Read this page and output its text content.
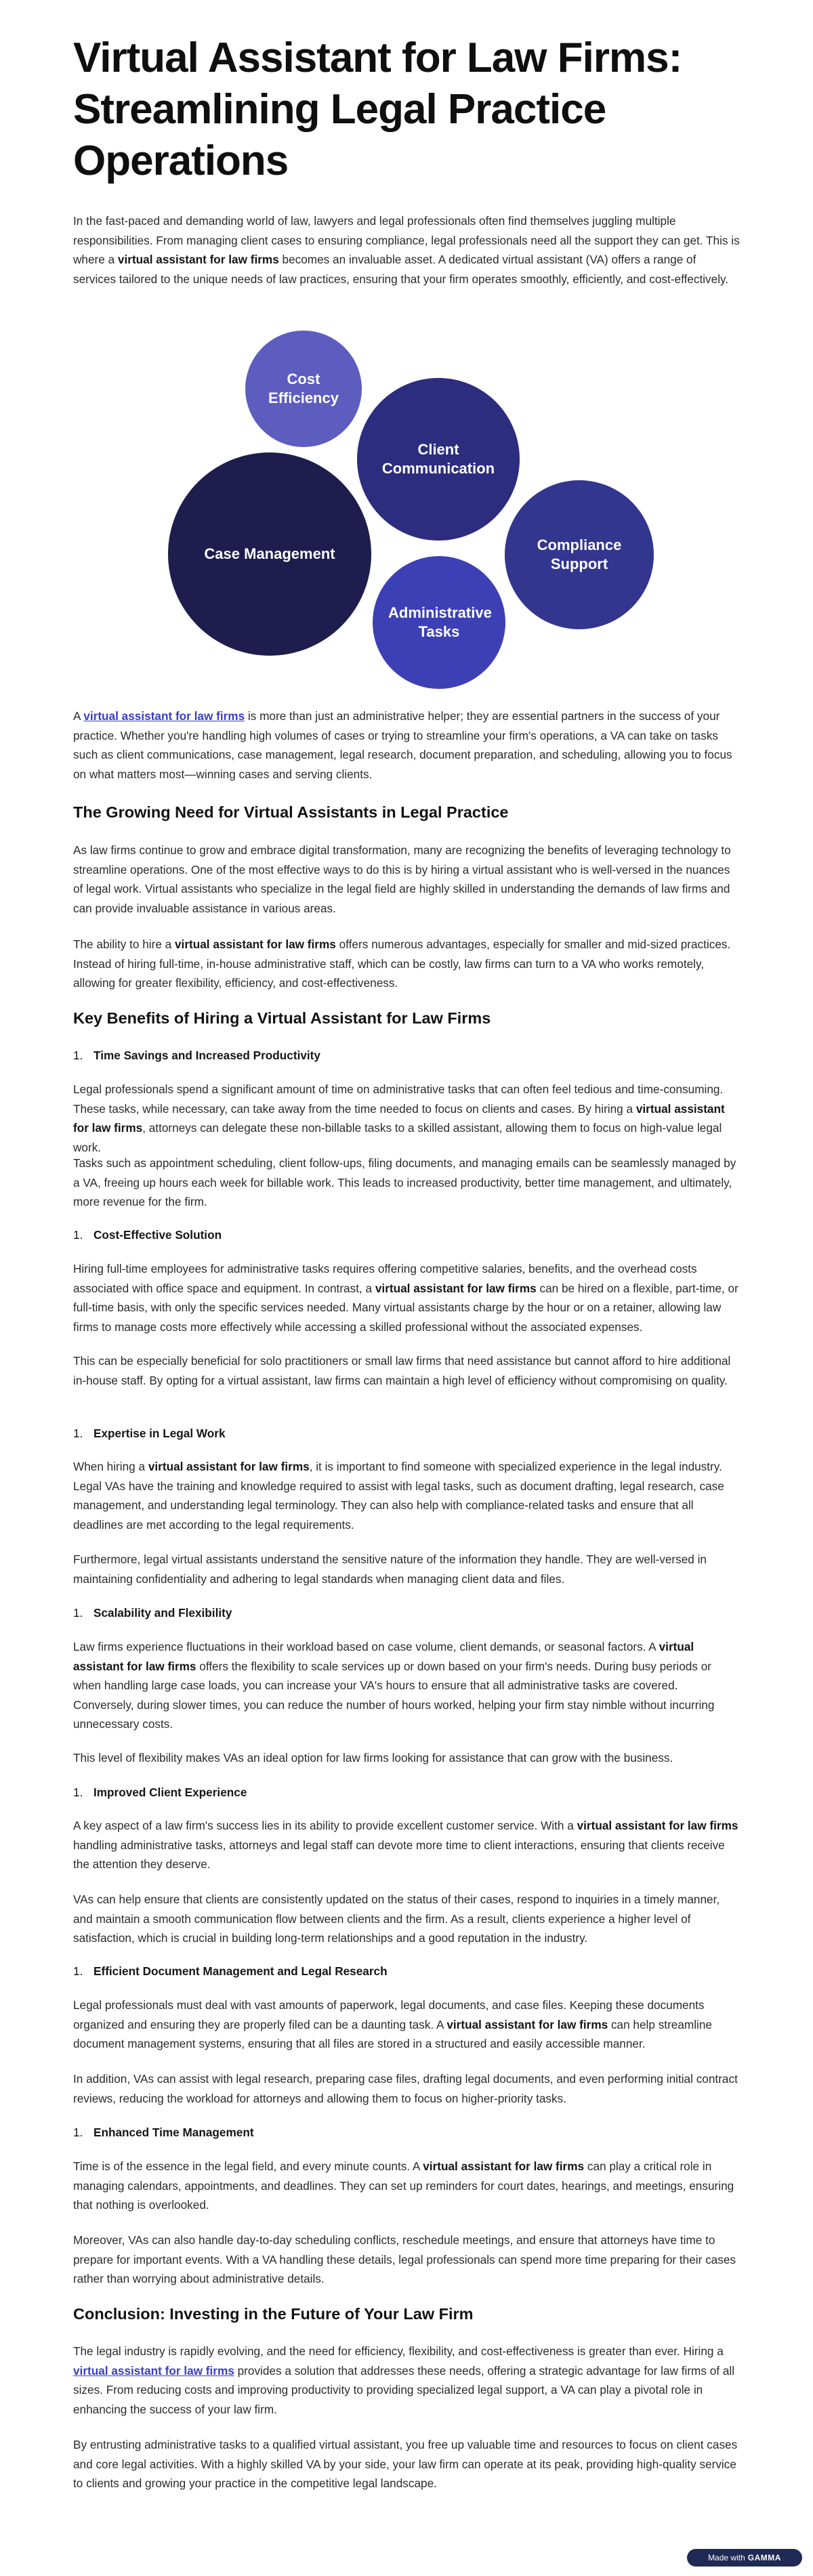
Virtual Assistant for Law Firms: Streamlining Legal Practice Operations

In the fast-paced and demanding world of law, lawyers and legal professionals often find themselves juggling multiple responsibilities. From managing client cases to ensuring compliance, legal professionals need all the support they can get. This is where a virtual assistant for law firms becomes an invaluable asset. A dedicated virtual assistant (VA) offers a range of services tailored to the unique needs of law practices, ensuring that your firm operates smoothly, efficiently, and cost-effectively.

Cost Efficiency
Client Communication
Case Management
Compliance Support
Administrative Tasks

A virtual assistant for law firms is more than just an administrative helper; they are essential partners in the success of your practice. Whether you're handling high volumes of cases or trying to streamline your firm's operations, a VA can take on tasks such as client communications, case management, legal research, document preparation, and scheduling, allowing you to focus on what matters most—winning cases and serving clients.

The Growing Need for Virtual Assistants in Legal Practice

As law firms continue to grow and embrace digital transformation, many are recognizing the benefits of leveraging technology to streamline operations. One of the most effective ways to do this is by hiring a virtual assistant who is well-versed in the nuances of legal work. Virtual assistants who specialize in the legal field are highly skilled in understanding the demands of law firms and can provide invaluable assistance in various areas.

The ability to hire a virtual assistant for law firms offers numerous advantages, especially for smaller and mid-sized practices. Instead of hiring full-time, in-house administrative staff, which can be costly, law firms can turn to a VA who works remotely, allowing for greater flexibility, efficiency, and cost-effectiveness.

Key Benefits of Hiring a Virtual Assistant for Law Firms
1. Time Savings and Increased Productivity

Legal professionals spend a significant amount of time on administrative tasks that can often feel tedious and time-consuming. These tasks, while necessary, can take away from the time needed to focus on clients and cases. By hiring a virtual assistant for law firms, attorneys can delegate these non-billable tasks to a skilled assistant, allowing them to focus on high-value legal work.

Tasks such as appointment scheduling, client follow-ups, filing documents, and managing emails can be seamlessly managed by a VA, freeing up hours each week for billable work. This leads to increased productivity, better time management, and ultimately, more revenue for the firm.

1. Cost-Effective Solution

Hiring full-time employees for administrative tasks requires offering competitive salaries, benefits, and the overhead costs associated with office space and equipment. In contrast, a virtual assistant for law firms can be hired on a flexible, part-time, or full-time basis, with only the specific services needed. Many virtual assistants charge by the hour or on a retainer, allowing law firms to manage costs more effectively while accessing a skilled professional without the associated expenses.

This can be especially beneficial for solo practitioners or small law firms that need assistance but cannot afford to hire additional in-house staff. By opting for a virtual assistant, law firms can maintain a high level of efficiency without compromising on quality.

1. Expertise in Legal Work

When hiring a virtual assistant for law firms, it is important to find someone with specialized experience in the legal industry. Legal VAs have the training and knowledge required to assist with legal tasks, such as document drafting, legal research, case management, and understanding legal terminology. They can also help with compliance-related tasks and ensure that all deadlines are met according to the legal requirements.

Furthermore, legal virtual assistants understand the sensitive nature of the information they handle. They are well-versed in maintaining confidentiality and adhering to legal standards when managing client data and files.

1. Scalability and Flexibility

Law firms experience fluctuations in their workload based on case volume, client demands, or seasonal factors. A virtual assistant for law firms offers the flexibility to scale services up or down based on your firm's needs. During busy periods or when handling large case loads, you can increase your VA's hours to ensure that all administrative tasks are covered. Conversely, during slower times, you can reduce the number of hours worked, helping your firm stay nimble without incurring unnecessary costs.

This level of flexibility makes VAs an ideal option for law firms looking for assistance that can grow with the business.

1. Improved Client Experience

A key aspect of a law firm's success lies in its ability to provide excellent customer service. With a virtual assistant for law firms handling administrative tasks, attorneys and legal staff can devote more time to client interactions, ensuring that clients receive the attention they deserve.

VAs can help ensure that clients are consistently updated on the status of their cases, respond to inquiries in a timely manner, and maintain a smooth communication flow between clients and the firm. As a result, clients experience a higher level of satisfaction, which is crucial in building long-term relationships and a good reputation in the industry.

1. Efficient Document Management and Legal Research

Legal professionals must deal with vast amounts of paperwork, legal documents, and case files. Keeping these documents organized and ensuring they are properly filed can be a daunting task. A virtual assistant for law firms can help streamline document management systems, ensuring that all files are stored in a structured and easily accessible manner.

In addition, VAs can assist with legal research, preparing case files, drafting legal documents, and even performing initial contract reviews, reducing the workload for attorneys and allowing them to focus on higher-priority tasks.

1. Enhanced Time Management

Time is of the essence in the legal field, and every minute counts. A virtual assistant for law firms can play a critical role in managing calendars, appointments, and deadlines. They can set up reminders for court dates, hearings, and meetings, ensuring that nothing is overlooked.

Moreover, VAs can also handle day-to-day scheduling conflicts, reschedule meetings, and ensure that attorneys have time to prepare for important events. With a VA handling these details, legal professionals can spend more time preparing for their cases rather than worrying about administrative details.

Conclusion: Investing in the Future of Your Law Firm

The legal industry is rapidly evolving, and the need for efficiency, flexibility, and cost-effectiveness is greater than ever. Hiring a virtual assistant for law firms provides a solution that addresses these needs, offering a strategic advantage for law firms of all sizes. From reducing costs and improving productivity to providing specialized legal support, a VA can play a pivotal role in enhancing the success of your law firm.

By entrusting administrative tasks to a qualified virtual assistant, you free up valuable time and resources to focus on client cases and core legal activities. With a highly skilled VA by your side, your law firm can operate at its peak, providing high-quality service to clients and growing your practice in the competitive legal landscape.

Made with GAMMA
